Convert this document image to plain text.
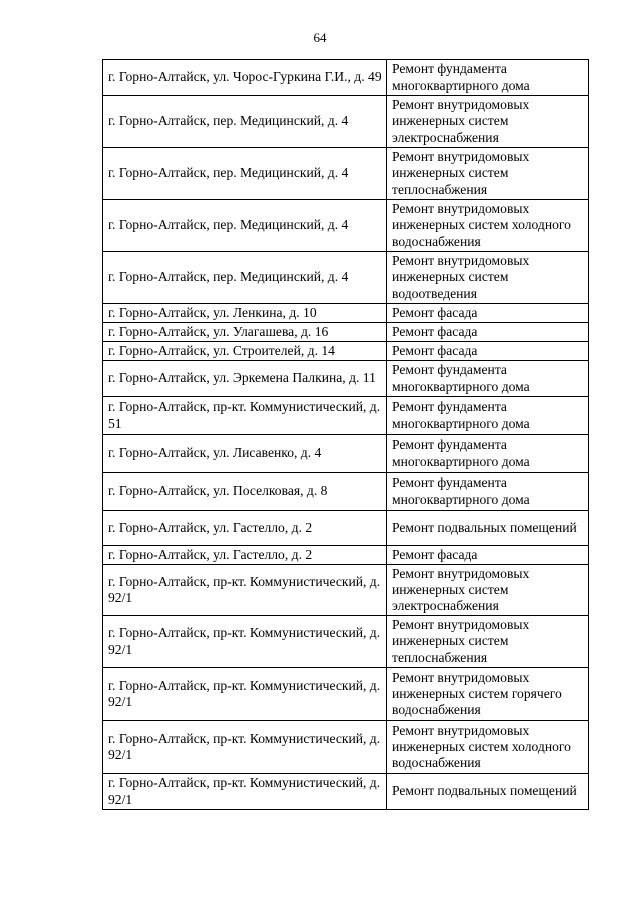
64
г. Горно-Алтайск, ул. Чорос-Гуркина Г.И., д. 49	Ремонт фундамента многоквартирного дома
г. Горно-Алтайск, пер. Медицинский, д. 4	Ремонт внутридомовых инженерных систем электроснабжения
г. Горно-Алтайск, пер. Медицинский, д. 4	Ремонт внутридомовых инженерных систем теплоснабжения
г. Горно-Алтайск, пер. Медицинский, д. 4	Ремонт внутридомовых инженерных систем холодного водоснабжения
г. Горно-Алтайск, пер. Медицинский, д. 4	Ремонт внутридомовых инженерных систем водоотведения
г. Горно-Алтайск, ул. Ленкина, д. 10	Ремонт фасада
г. Горно-Алтайск, ул. Улагашева, д. 16	Ремонт фасада
г. Горно-Алтайск, ул. Строителей, д. 14	Ремонт фасада
г. Горно-Алтайск, ул. Эркемена Палкина, д. 11	Ремонт фундамента многоквартирного дома
г. Горно-Алтайск, пр-кт. Коммунистический, д. 51	Ремонт фундамента многоквартирного дома
г. Горно-Алтайск, ул. Лисавенко, д. 4	Ремонт фундамента многоквартирного дома
г. Горно-Алтайск, ул. Поселковая, д. 8	Ремонт фундамента многоквартирного дома
г. Горно-Алтайск, ул. Гастелло, д. 2	Ремонт подвальных помещений
г. Горно-Алтайск, ул. Гастелло, д. 2	Ремонт фасада
г. Горно-Алтайск, пр-кт. Коммунистический, д. 92/1	Ремонт внутридомовых инженерных систем электроснабжения
г. Горно-Алтайск, пр-кт. Коммунистический, д. 92/1	Ремонт внутридомовых инженерных систем теплоснабжения
г. Горно-Алтайск, пр-кт. Коммунистический, д. 92/1	Ремонт внутридомовых инженерных систем горячего водоснабжения
г. Горно-Алтайск, пр-кт. Коммунистический, д. 92/1	Ремонт внутридомовых инженерных систем холодного водоснабжения
г. Горно-Алтайск, пр-кт. Коммунистический, д. 92/1	Ремонт подвальных помещений
